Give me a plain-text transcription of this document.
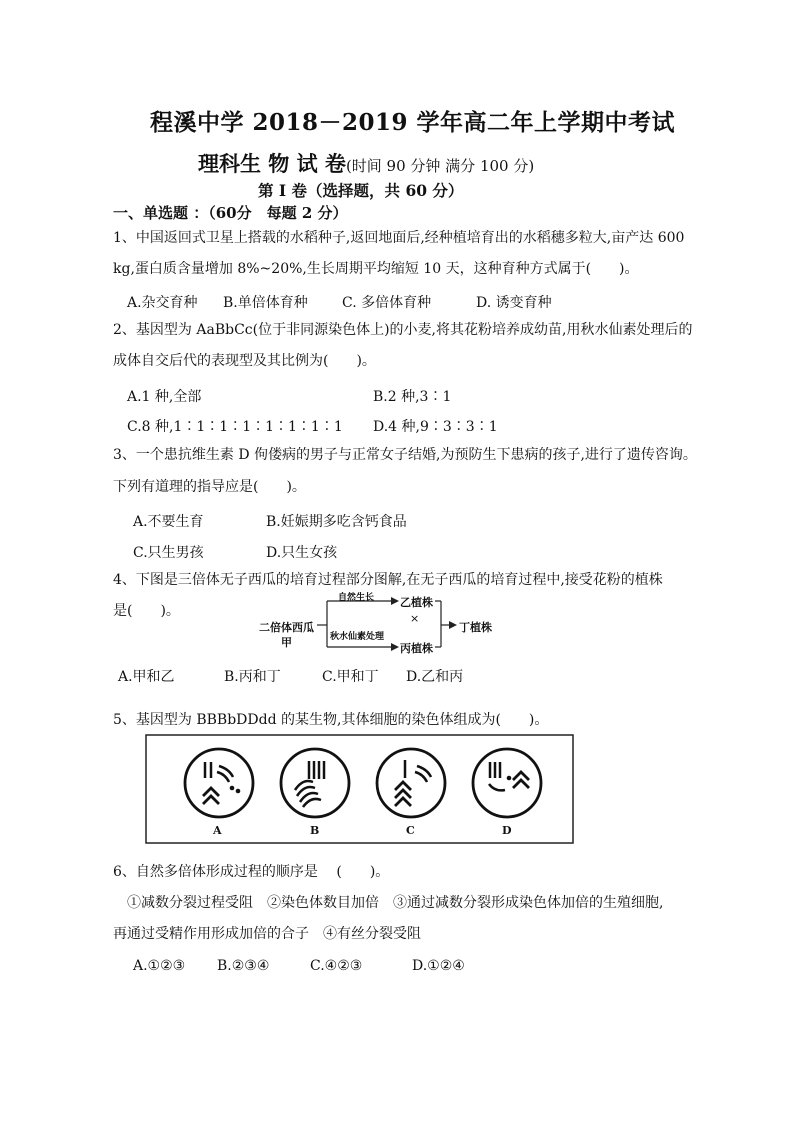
程溪中学 2018－2019 学年高二年上学期中考试
理科生 物 试 卷(时间 90 分钟 满分 100 分)
第 Ⅰ 卷（选择题，共 60 分）
一、单选题 ：（60分　每题 2 分）
1、中国返回式卫星上搭载的水稻种子,返回地面后,经种植培育出的水稻穗多粒大,亩产达 600
kg,蛋白质含量增加 8%~20%,生长周期平均缩短 10 天，这种育种方式属于(　　)。
A.杂交育种 B.单倍体育种 C. 多倍体育种	D. 诱变育种
2、基因型为 AaBbCc(位于非同源染色体上)的小麦,将其花粉培养成幼苗,用秋水仙素处理后的
成体自交后代的表现型及其比例为(　　)。
A.1 种,全部	B.2 种,3∶1
C.8 种,1∶1∶1∶1∶1∶1∶1∶1 D.4 种,9∶3∶3∶1
3、一个患抗维生素 D 佝偻病的男子与正常女子结婚,为预防生下患病的孩子,进行了遗传咨询。
下列有道理的指导应是(　　)。
A.不要生育	B.妊娠期多吃含钙食品
C.只生男孩	D.只生女孩
4、下图是三倍体无子西瓜的培育过程部分图解,在无子西瓜的培育过程中,接受花粉的植株
是(　　)。
二倍体西瓜
甲
自然生长
秋水仙素处理
乙植株
×
丙植株
丁植株
A.甲和乙	B.丙和丁	C.甲和丁 D.乙和丙
5、基因型为 BBBbDDdd 的某生物,其体细胞的染色体组成为(　　)。
A	B	C	D
6、自然多倍体形成过程的顺序是　 (　　)。
　①减数分裂过程受阻　②染色体数目加倍　③通过减数分裂形成染色体加倍的生殖细胞,
再通过受精作用形成加倍的合子　④有丝分裂受阻
A.①②③ B.②③④	C.④②③	D.①②④
